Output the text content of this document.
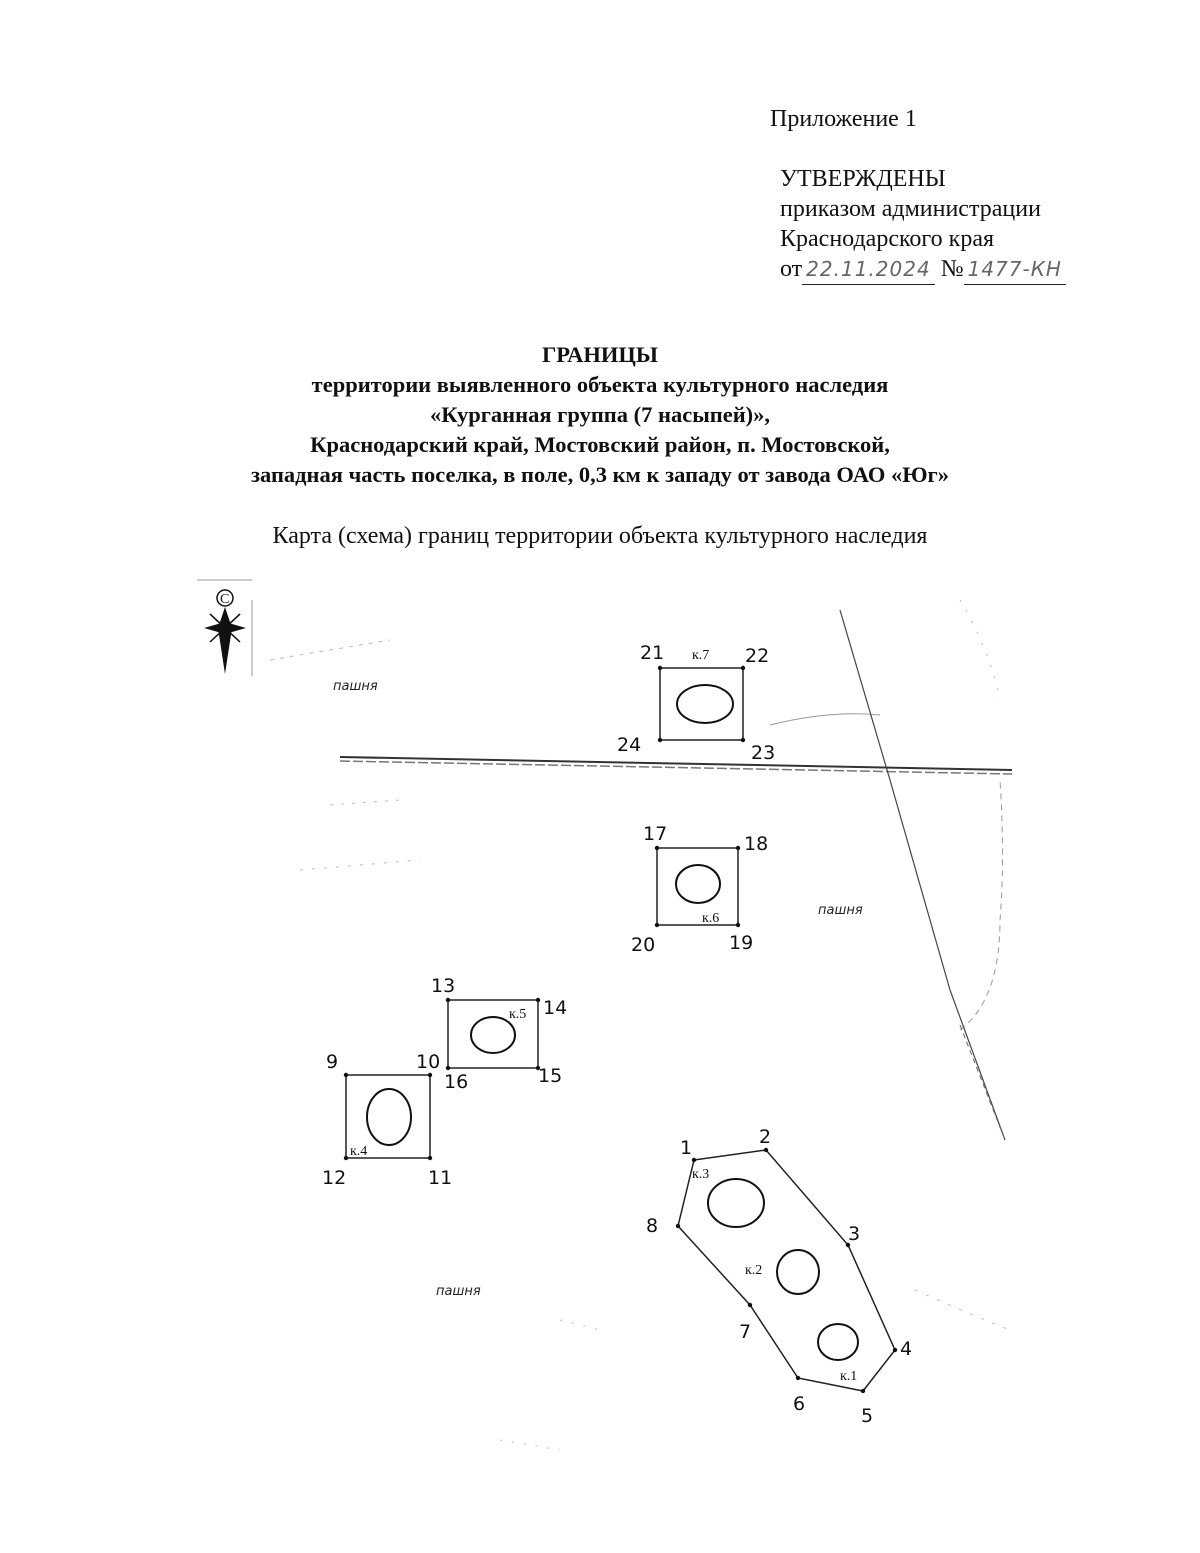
Приложение 1
УТВЕРЖДЕНЫ
приказом администрации
Краснодарского края
от 22.11.2024 № 1477-КН
ГРАНИЦЫ
территории выявленного объекта культурного наследия
«Курганная группа (7 насыпей)»,
Краснодарский край, Мостовский район, п. Мостовской,
западная часть поселка, в поле, 0,3 км к западу от завода ОАО «Юг»
Карта (схема) границ территории объекта культурного наследия
С
пашня
пашня
пашня
к.7
к.6
к.5
к.4
к.3
к.2
к.1
21	22
23
24
17	18
19
20
13
14
15
16
9	10
11
12
1	2
3
4
5
6
7
8
